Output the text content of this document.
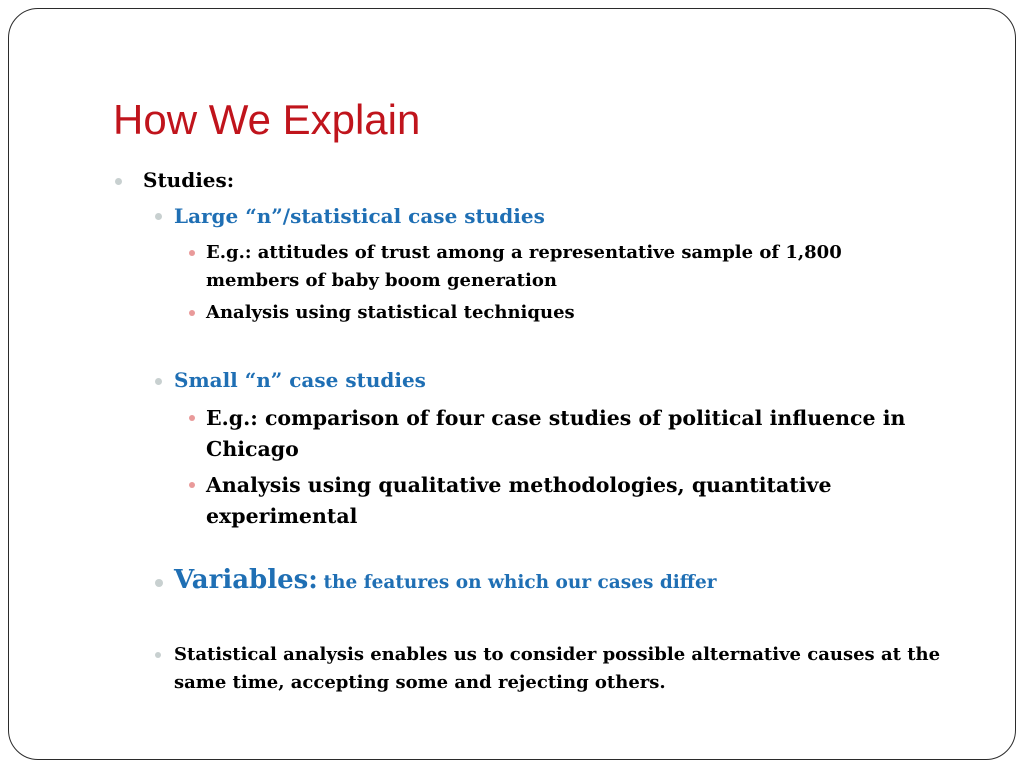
How We Explain
Studies:
Large “n”/statistical case studies
E.g.: attitudes of trust among a representative sample of 1,800 members of baby boom generation
Analysis using statistical techniques
Small “n” case studies
E.g.: comparison of four case studies of political influence in Chicago
Analysis using qualitative methodologies, quantitative experimental
Variables: the features on which our cases differ
Statistical analysis enables us to consider possible alternative causes at the same time, accepting some and rejecting others.
